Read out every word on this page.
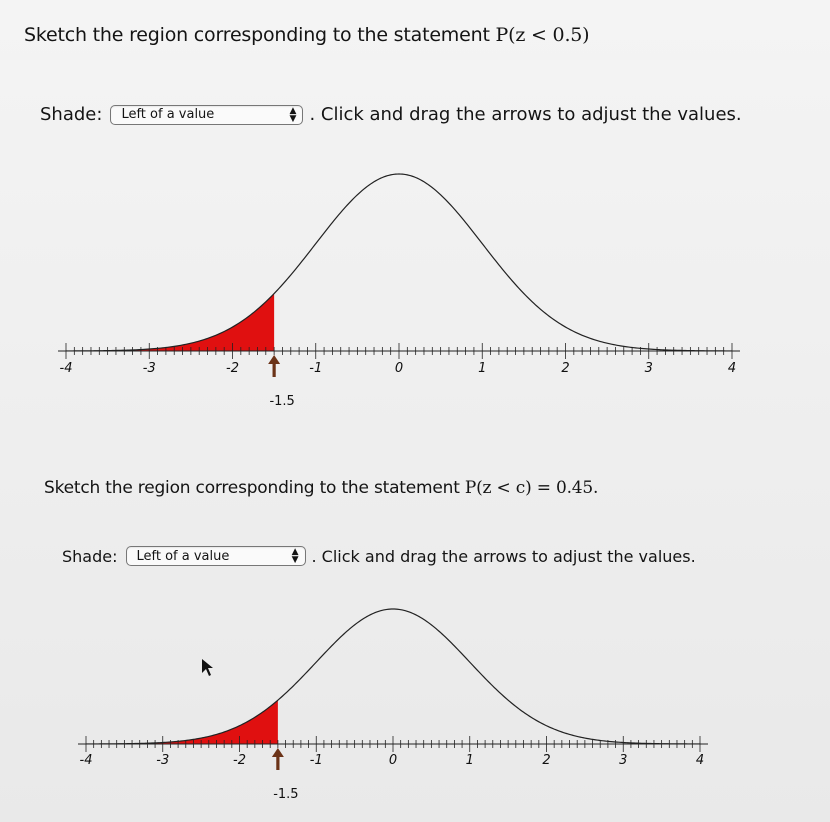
Sketch the region corresponding to the statement P(z < 0.5)
Shade: Left of a value	▲
▼ . Click and drag the arrows to adjust the values.
-4	-3	-2	-1	0	1	2	3	4
-1.5
Sketch the region corresponding to the statement P(z < c) = 0.45.
Shade: Left of a value	▲
▼ . Click and drag the arrows to adjust the values.
-4	-3	-2	-1	0	1	2	3	4
-1.5
